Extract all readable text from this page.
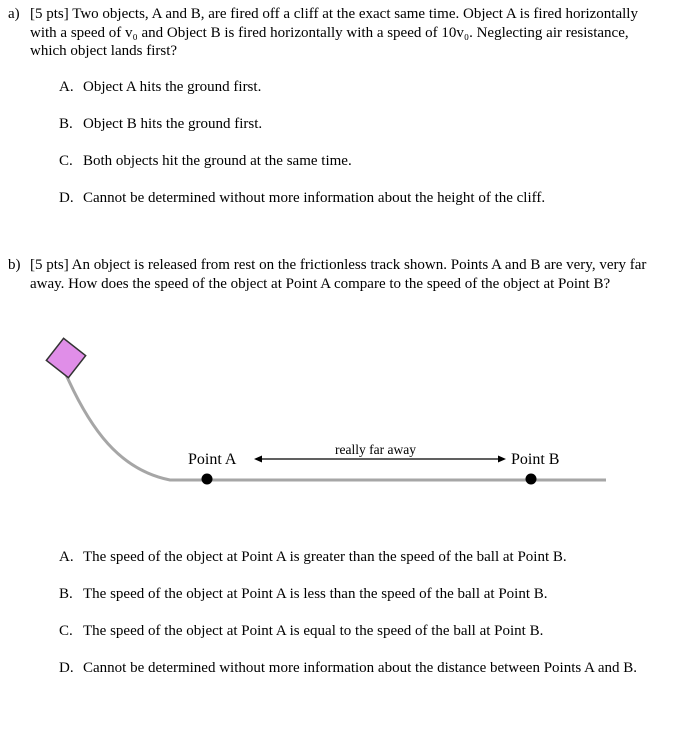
a) [5 pts] Two objects, A and B, are fired off a cliff at the exact same time. Object A is fired horizontally with a speed of v₀ and Object B is fired horizontally with a speed of 10v₀. Neglecting air resistance, which object lands first?
A. Object A hits the ground first.
B. Object B hits the ground first.
C. Both objects hit the ground at the same time.
D. Cannot be determined without more information about the height of the cliff.
b) [5 pts] An object is released from rest on the frictionless track shown. Points A and B are very, very far away. How does the speed of the object at Point A compare to the speed of the object at Point B?
Point A	Point B
really far away
A. The speed of the object at Point A is greater than the speed of the ball at Point B.
B. The speed of the object at Point A is less than the speed of the ball at Point B.
C. The speed of the object at Point A is equal to the speed of the ball at Point B.
D. Cannot be determined without more information about the distance between Points A and B.
